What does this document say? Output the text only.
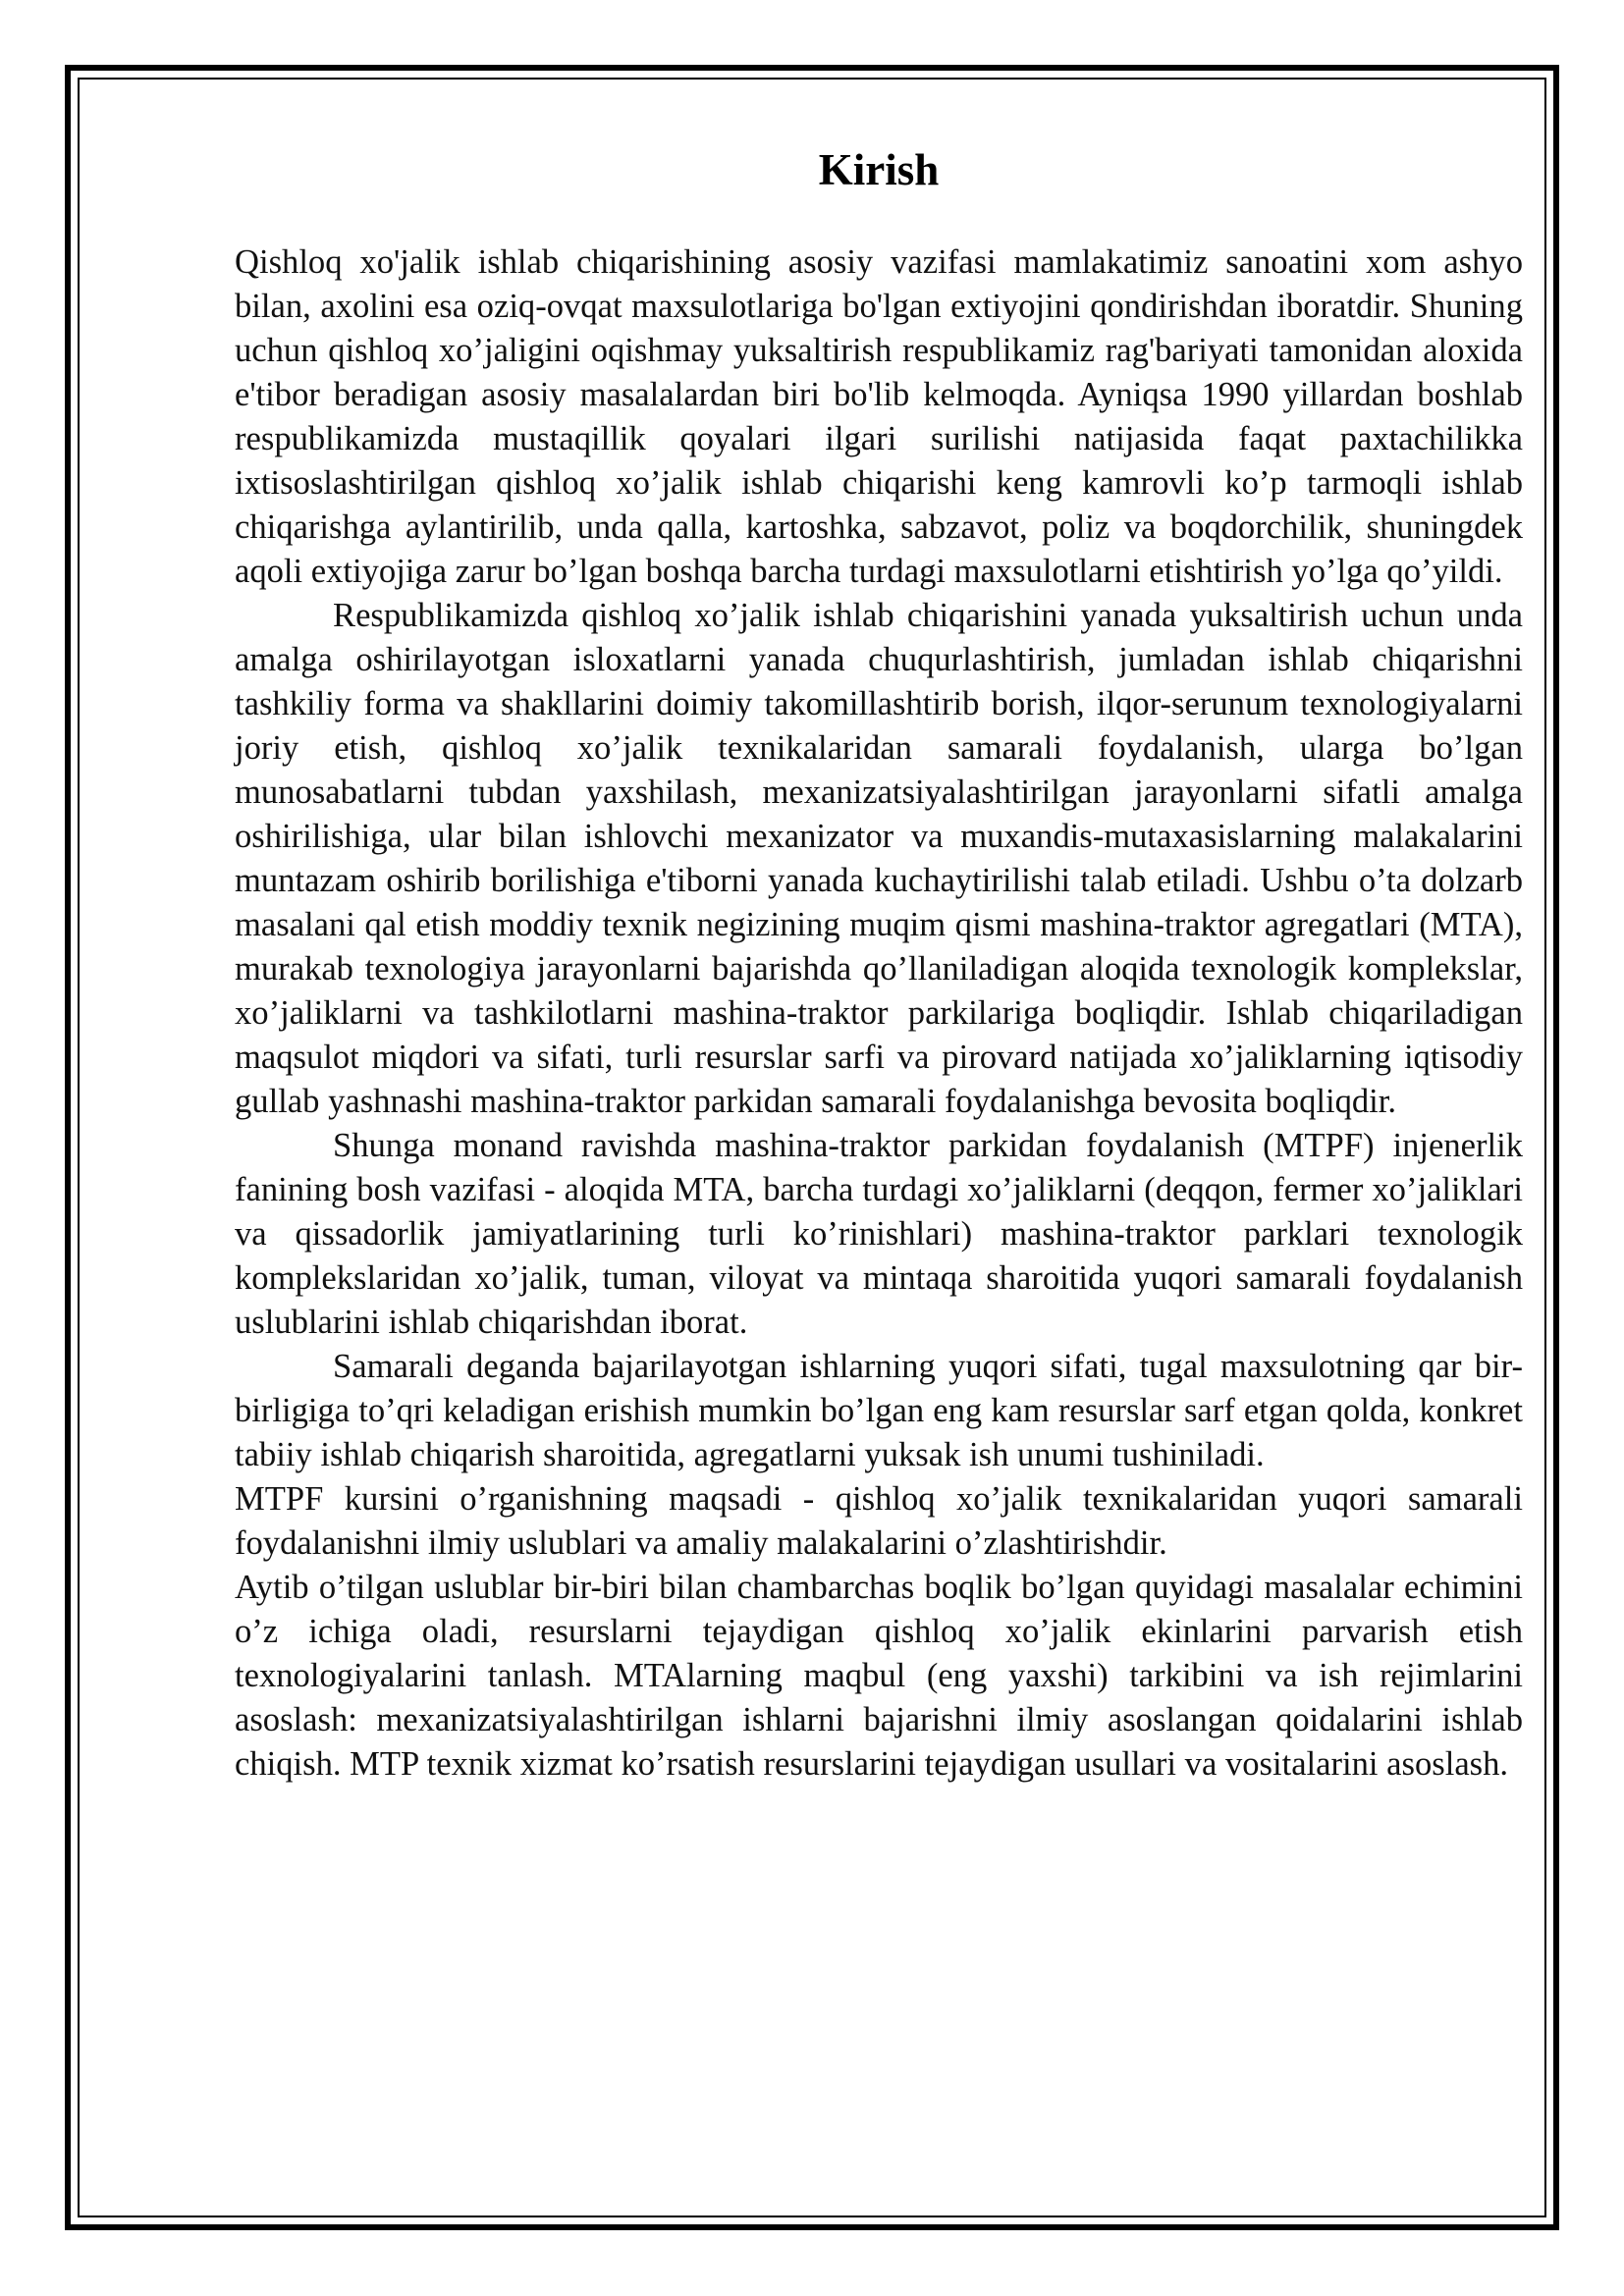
Kirish

Qishloq xo'jalik ishlab chiqarishining asosiy vazifasi mamlakatimiz sanoatini xom ashyo bilan, axolini esa oziq-ovqat maxsulotlariga bo'lgan extiyojini qondirishdan iboratdir. Shuning uchun qishloq xo’jaligini oqishmay yuksaltirish respublikamiz rag'bariyati tamonidan aloxida e'tibor beradigan asosiy masalalardan biri bo'lib kelmoqda. Ayniqsa 1990 yillardan boshlab respublikamizda mustaqillik qoyalari ilgari surilishi natijasida faqat paxtachilikka ixtisoslashtirilgan qishloq xo’jalik ishlab chiqarishi keng kamrovli ko’p tarmoqli ishlab chiqarishga aylantirilib, unda qalla, kartoshka, sabzavot, poliz va boqdorchilik, shuningdek aqoli extiyojiga zarur bo’lgan boshqa barcha turdagi maxsulotlarni etishtirish yo’lga qo’yildi.

Respublikamizda qishloq xo’jalik ishlab chiqarishini yanada yuksaltirish uchun unda amalga oshirilayotgan isloxatlarni yanada chuqurlashtirish, jumladan ishlab chiqarishni tashkiliy forma va shakllarini doimiy takomillashtirib borish, ilqor-serunum texnologiyalarni joriy etish, qishloq xo’jalik texnikalaridan samarali foydalanish, ularga bo’lgan munosabatlarni tubdan yaxshilash, mexanizatsiyalashtirilgan jarayonlarni sifatli amalga oshirilishiga, ular bilan ishlovchi mexanizator va muxandis-mutaxasislarning malakalarini muntazam oshirib borilishiga e'tiborni yanada kuchaytirilishi talab etiladi. Ushbu o’ta dolzarb masalani qal etish moddiy texnik negizining muqim qismi mashina-traktor agregatlari (MTA), murakab texnologiya jarayonlarni bajarishda qo’llaniladigan aloqida texnologik komplekslar, xo’jaliklarni va tashkilotlarni mashina-traktor parkilariga boqliqdir. Ishlab chiqariladigan maqsulot miqdori va sifati, turli resurslar sarfi va pirovard natijada xo’jaliklarning iqtisodiy gullab yashnashi mashina-traktor parkidan samarali foydalanishga bevosita boqliqdir.

Shunga monand ravishda mashina-traktor parkidan foydalanish (MTPF) injenerlik fanining bosh vazifasi - aloqida MTA, barcha turdagi xo’jaliklarni (deqqon, fermer xo’jaliklari va qissadorlik jamiyatlarining turli ko’rinishlari) mashina-traktor parklari texnologik komplekslaridan xo’jalik, tuman, viloyat va mintaqa sharoitida yuqori samarali foydalanish uslublarini ishlab chiqarishdan iborat.

Samarali deganda bajarilayotgan ishlarning yuqori sifati, tugal maxsulotning qar bir-birligiga to’qri keladigan erishish mumkin bo’lgan eng kam resurslar sarf etgan qolda, konkret tabiiy ishlab chiqarish sharoitida, agregatlarni yuksak ish unumi tushiniladi.

MTPF kursini o’rganishning maqsadi - qishloq xo’jalik texnikalaridan yuqori samarali foydalanishni ilmiy uslublari va amaliy malakalarini o’zlashtirishdir.

Aytib o’tilgan uslublar bir-biri bilan chambarchas boqlik bo’lgan quyidagi masalalar echimini o’z ichiga oladi, resurslarni tejaydigan qishloq xo’jalik ekinlarini parvarish etish texnologiyalarini tanlash. MTAlarning maqbul (eng yaxshi) tarkibini va ish rejimlarini asoslash: mexanizatsiyalashtirilgan ishlarni bajarishni ilmiy asoslangan qoidalarini ishlab chiqish. MTP texnik xizmat ko’rsatish resurslarini tejaydigan usullari va vositalarini asoslash.
